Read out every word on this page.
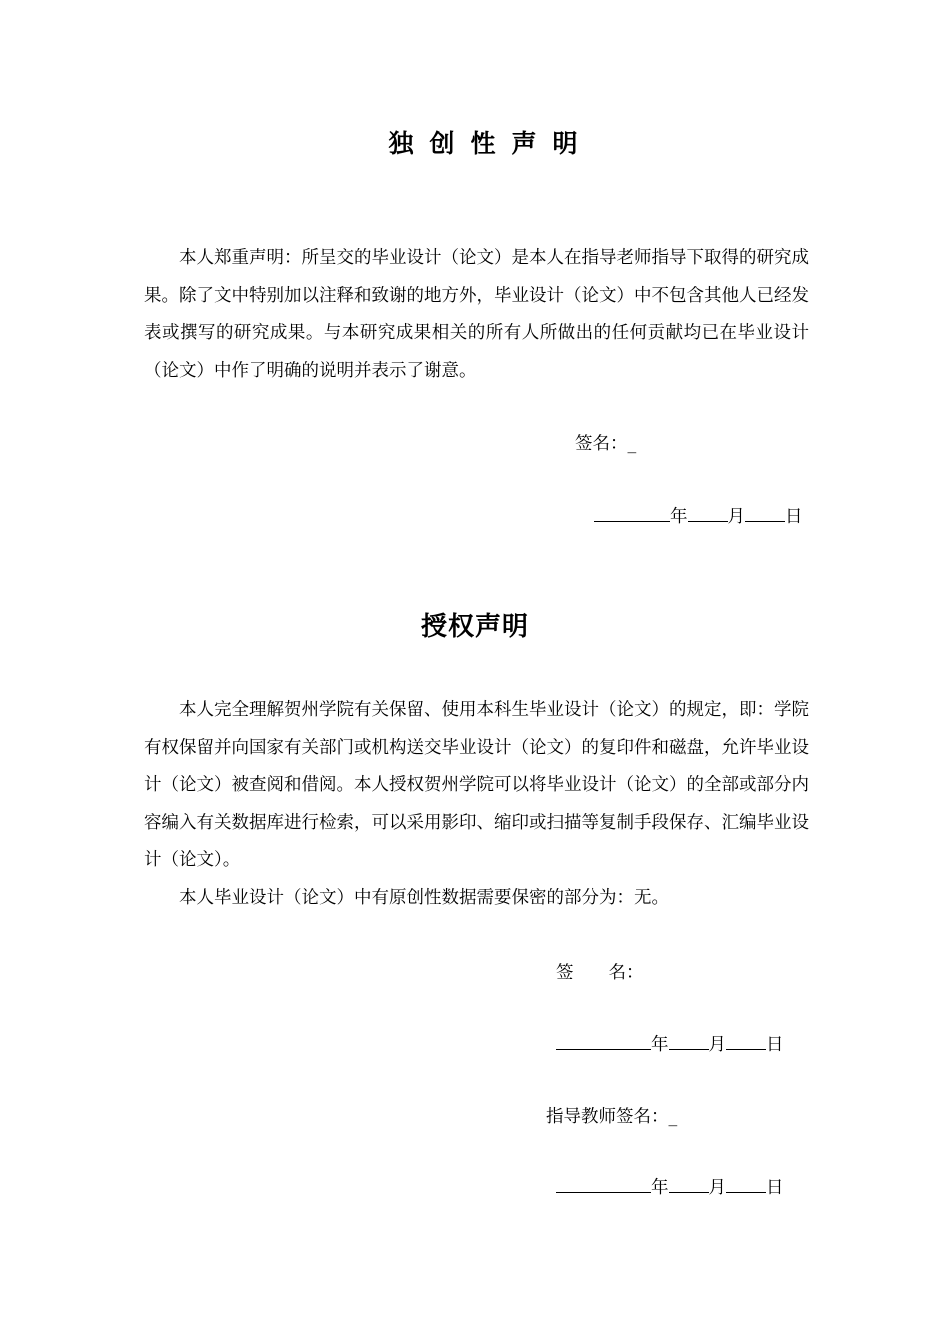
独创性声明

本人郑重声明：所呈交的毕业设计（论文）是本人在指导老师指导下取得的研究成果。除了文中特别加以注释和致谢的地方外，毕业设计（论文）中不包含其他人已经发表或撰写的研究成果。与本研究成果相关的所有人所做出的任何贡献均已在毕业设计（论文）中作了明确的说明并表示了谢意。

签名：_
年 月 日
授权声明

本人完全理解贺州学院有关保留、使用本科生毕业设计（论文）的规定，即：学院有权保留并向国家有关部门或机构送交毕业设计（论文）的复印件和磁盘，允许毕业设计（论文）被查阅和借阅。本人授权贺州学院可以将毕业设计（论文）的全部或部分内容编入有关数据库进行检索，可以采用影印、缩印或扫描等复制手段保存、汇编毕业设计（论文）。

本人毕业设计（论文）中有原创性数据需要保密的部分为：无。

签　　名：
年 月 日
指导教师签名：_
年 月 日
